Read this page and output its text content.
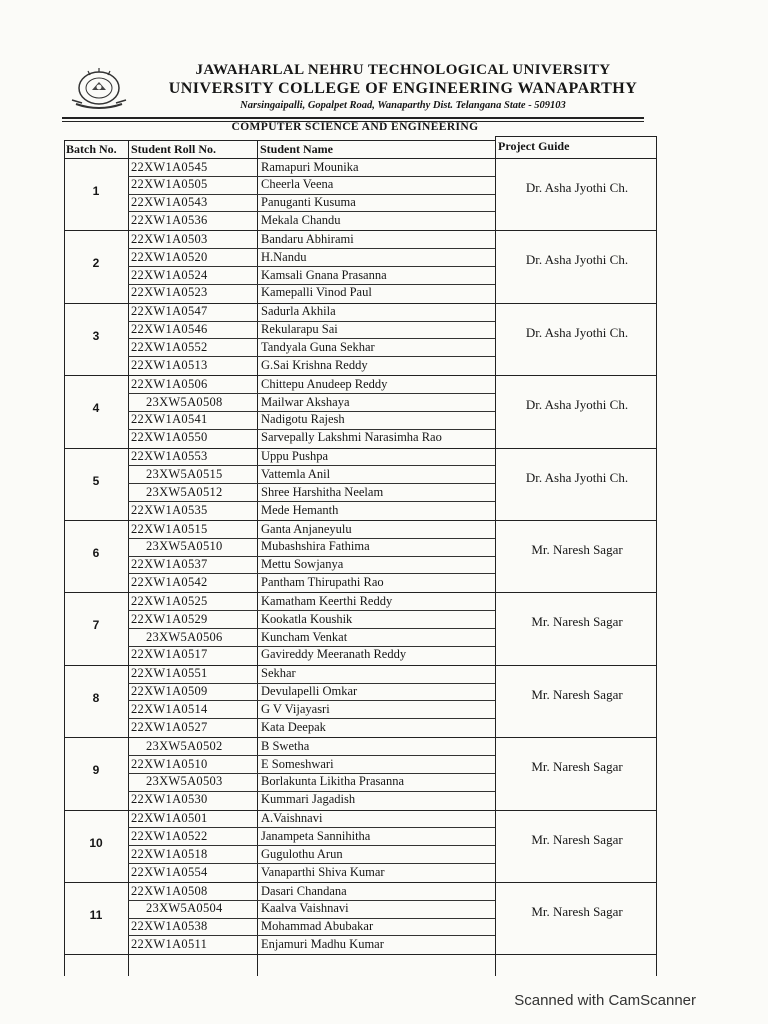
JAWAHARLAL NEHRU TECHNOLOGICAL UNIVERSITY
UNIVERSITY COLLEGE OF ENGINEERING WANAPARTHY
Narsingaipalli, Gopalpet Road, Wanaparthy Dist. Telangana State - 509103
COMPUTER SCIENCE AND ENGINEERING
Batch No. Student Roll No.	Student Name	Project Guide
1
22XW1A0545	Ramapuri Mounika
22XW1A0505	Cheerla Veena
22XW1A0543	Panuganti Kusuma
22XW1A0536	Mekala Chandu
Dr. Asha Jyothi Ch.
2
22XW1A0503	Bandaru Abhirami
22XW1A0520	H.Nandu
22XW1A0524	Kamsali Gnana Prasanna
22XW1A0523	Kamepalli Vinod Paul
Dr. Asha Jyothi Ch.
3
22XW1A0547	Sadurla Akhila
22XW1A0546	Rekularapu Sai
22XW1A0552	Tandyala Guna Sekhar
22XW1A0513	G.Sai Krishna Reddy
Dr. Asha Jyothi Ch.
4
22XW1A0506	Chittepu Anudeep Reddy
23XW5A0508	Mailwar Akshaya
22XW1A0541	Nadigotu Rajesh
22XW1A0550	Sarvepally Lakshmi Narasimha Rao
Dr. Asha Jyothi Ch.
5
22XW1A0553	Uppu Pushpa
23XW5A0515	Vattemla Anil
23XW5A0512	Shree Harshitha Neelam
22XW1A0535	Mede Hemanth
Dr. Asha Jyothi Ch.
6
22XW1A0515	Ganta Anjaneyulu
23XW5A0510	Mubashshira Fathima
22XW1A0537	Mettu Sowjanya
22XW1A0542	Pantham Thirupathi Rao
Mr. Naresh Sagar
7
22XW1A0525	Kamatham Keerthi Reddy
22XW1A0529	Kookatla Koushik
23XW5A0506	Kuncham Venkat
22XW1A0517	Gavireddy Meeranath Reddy
Mr. Naresh Sagar
8
22XW1A0551	Sekhar
22XW1A0509	Devulapelli Omkar
22XW1A0514	G V Vijayasri
22XW1A0527	Kata Deepak
Mr. Naresh Sagar
9
23XW5A0502	B Swetha
22XW1A0510	E Someshwari
23XW5A0503	Borlakunta Likitha Prasanna
22XW1A0530	Kummari Jagadish
Mr. Naresh Sagar
10
22XW1A0501	A.Vaishnavi
22XW1A0522	Janampeta Sannihitha
22XW1A0518	Gugulothu Arun
22XW1A0554	Vanaparthi Shiva Kumar
Mr. Naresh Sagar
11
22XW1A0508	Dasari Chandana
23XW5A0504	Kaalva Vaishnavi
22XW1A0538	Mohammad Abubakar
22XW1A0511	Enjamuri Madhu Kumar
Mr. Naresh Sagar
Scanned with CamScanner
